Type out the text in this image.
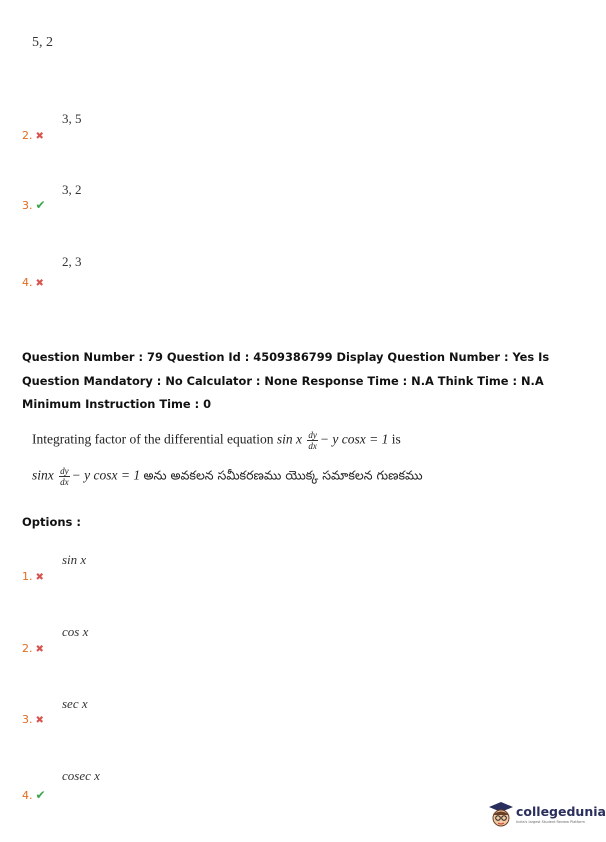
5, 2
3, 5
2. ✖
3, 2
3. ✔
2, 3
4. ✖
Question Number : 79 Question Id : 4509386799 Display Question Number : Yes Is Question Mandatory : No Calculator : None Response Time : N.A Think Time : N.A Minimum Instruction Time : 0
Integrating factor of the differential equation sin x $\frac{dy}{dx} - y$ cosx = 1 is
sinx $\frac{dy}{dx} - y$ cosx = 1 అను అవకలన సమీకరణము యొక్క సమాకలన గుణకము
Options :
sin x
1. ✖
cos x
2. ✖
sec x
3. ✖
cosec x
4. ✔
collegedunia
India's largest Student Review Platform
